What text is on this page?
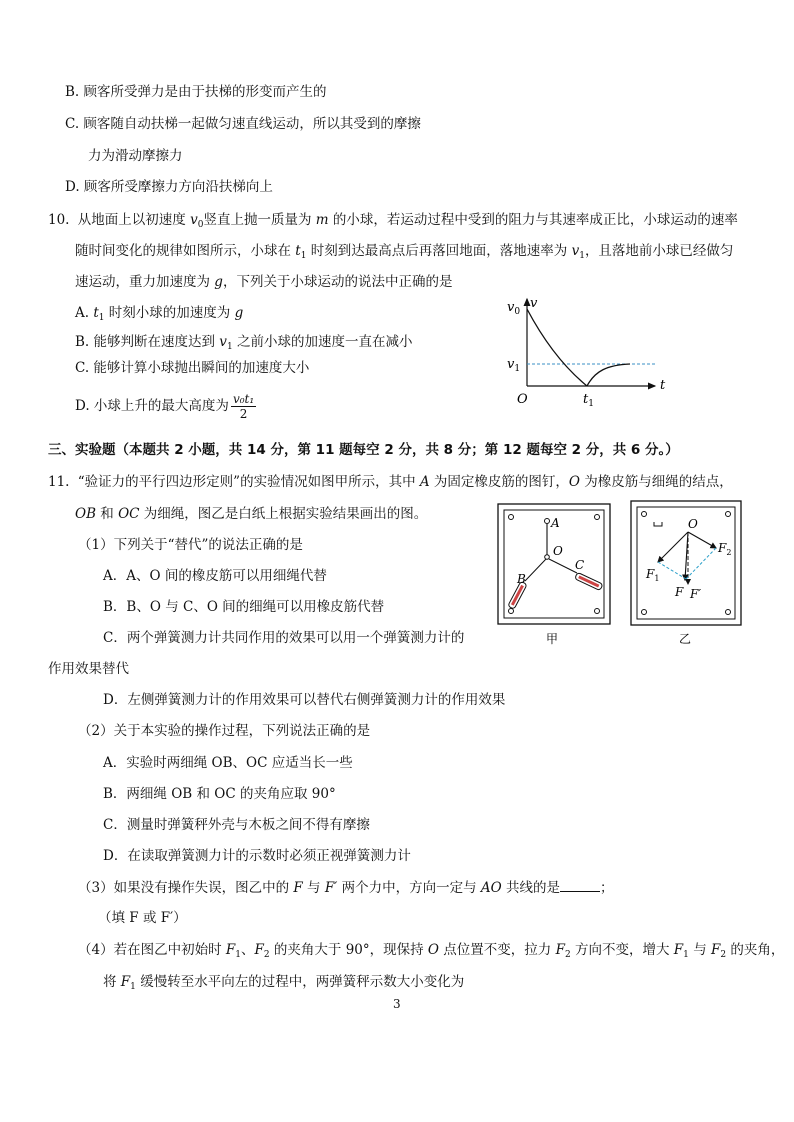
B. 顾客所受弹力是由于扶梯的形变而产生的
C. 顾客随自动扶梯一起做匀速直线运动，所以其受到的摩擦
力为滑动摩擦力
D. 顾客所受摩擦力方向沿扶梯向上
10. 从地面上以初速度 $v_0$竖直上抛一质量为 m 的小球，若运动过程中受到的阻力与其速率成正比，小球运动的速率
随时间变化的规律如图所示，小球在 $t_1$ 时刻到达最高点后再落回地面，落地速率为 $v_1$，且落地前小球已经做匀
速运动，重力加速度为 g，下列关于小球运动的说法中正确的是
A. $t_1$ 时刻小球的加速度为 g
B. 能够判断在速度达到 $v_1$ 之前小球的加速度一直在减小
C. 能够计算小球抛出瞬间的加速度大小
D. 小球上升的最大高度为 $\frac{\text{v₀t₁}}{2}$
$v_0$
v
$v_1$
t
O	$t_1$
三、实验题（本题共 2 小题，共 14 分，第 11 题每空 2 分，共 8 分；第 12 题每空 2 分，共 6 分。）
11. “验证力的平行四边形定则”的实验情况如图甲所示，其中 A 为固定橡皮筋的图钉，O 为橡皮筋与细绳的结点，
OB 和 OC 为细绳，图乙是白纸上根据实验结果画出的图。
（1）下列关于“替代”的说法正确的是
A．A、O 间的橡皮筋可以用细绳代替
B．B、O 与 C、O 间的细绳可以用橡皮筋代替
C．两个弹簧测力计共同作用的效果可以用一个弹簧测力计的
作用效果替代
D．左侧弹簧测力计的作用效果可以替代右侧弹簧测力计的作用效果
（2）关于本实验的操作过程，下列说法正确的是
A．实验时两细绳 OB、OC 应适当长一些
B．两细绳 OB 和 OC 的夹角应取 90°
C．测量时弹簧秤外壳与木板之间不得有摩擦
D．在读取弹簧测力计的示数时必须正视弹簧测力计
（3）如果没有操作失误，图乙中的 F 与 F′ 两个力中，方向一定与 AO 共线的是	；
（填 F 或 F′）
（4）若在图乙中初始时 $F_1$、$F_2$ 的夹角大于 90°，现保持 O 点位置不变，拉力 $F_2$ 方向不变，增大 $F_1$ 与 $F_2$ 的夹角，
将 $F_1$ 缓慢转至水平向左的过程中，两弹簧秤示数大小变化为
A
O
B
C
甲
O
$F_1$
$F_2$
F F′
乙
3
